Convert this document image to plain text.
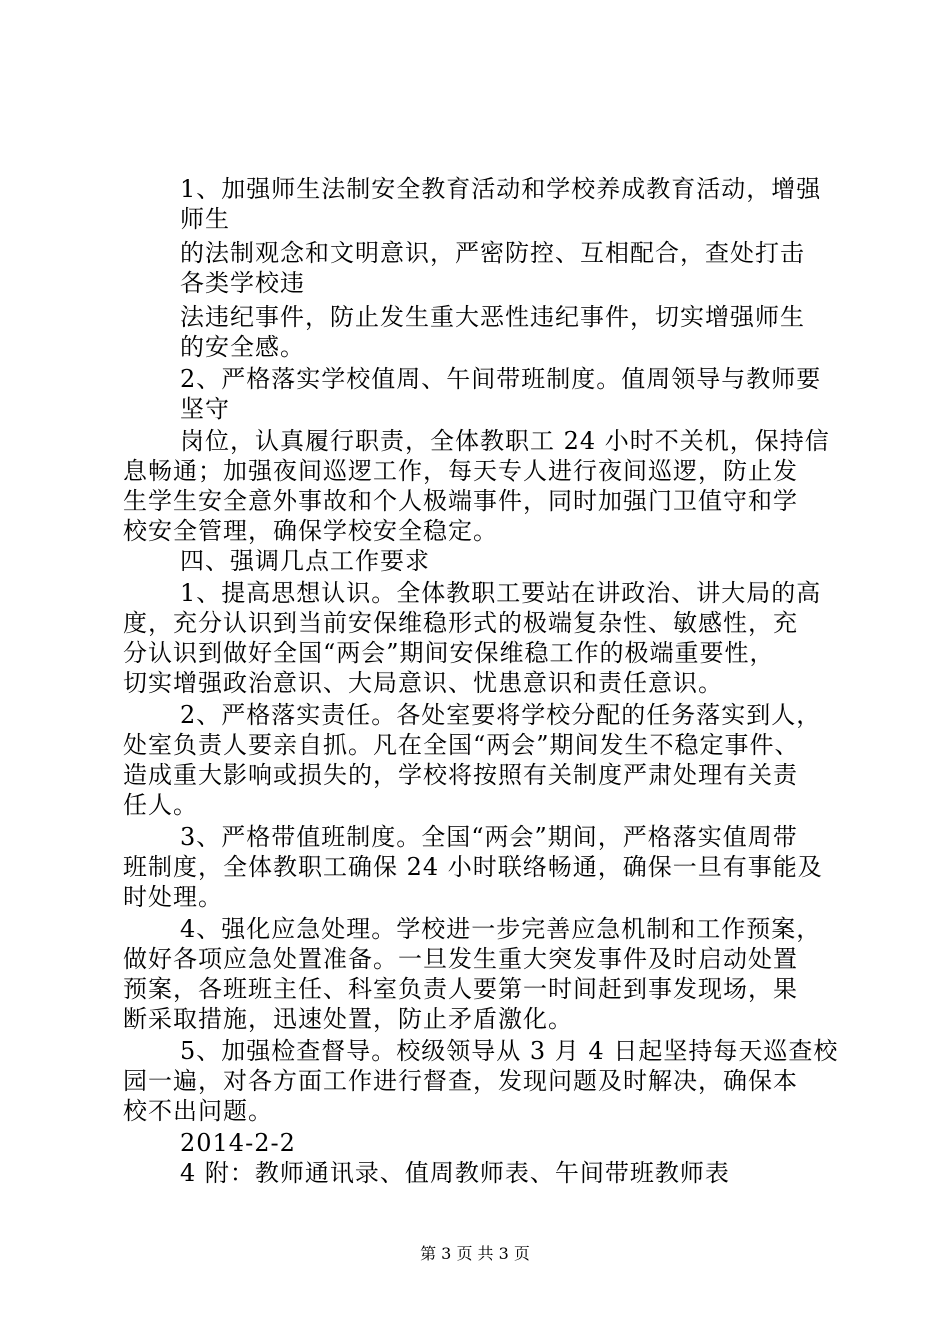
1、加强师生法制安全教育活动和学校养成教育活动，增强
师生
的法制观念和文明意识，严密防控、互相配合，查处打击
各类学校违
法违纪事件，防止发生重大恶性违纪事件，切实增强师生
的安全感。
2、严格落实学校值周、午间带班制度。值周领导与教师要
坚守
岗位，认真履行职责，全体教职工 24 小时不关机，保持信
息畅通；加强夜间巡逻工作，每天专人进行夜间巡逻，防止发
生学生安全意外事故和个人极端事件，同时加强门卫值守和学
校安全管理，确保学校安全稳定。
四、强调几点工作要求
1、提高思想认识。全体教职工要站在讲政治、讲大局的高
度，充分认识到当前安保维稳形式的极端复杂性、敏感性，充
分认识到做好全国“两会”期间安保维稳工作的极端重要性，
切实增强政治意识、大局意识、忧患意识和责任意识。
2、严格落实责任。各处室要将学校分配的任务落实到人，
处室负责人要亲自抓。凡在全国“两会”期间发生不稳定事件、
造成重大影响或损失的，学校将按照有关制度严肃处理有关责
任人。
3、严格带值班制度。全国“两会”期间，严格落实值周带
班制度，全体教职工确保 24 小时联络畅通，确保一旦有事能及
时处理。
4、强化应急处理。学校进一步完善应急机制和工作预案，
做好各项应急处置准备。一旦发生重大突发事件及时启动处置
预案，各班班主任、科室负责人要第一时间赶到事发现场，果
断采取措施，迅速处置，防止矛盾激化。
5、加强检查督导。校级领导从 3 月 4 日起坚持每天巡查校
园一遍，对各方面工作进行督查，发现问题及时解决，确保本
校不出问题。
2014-2-2
4 附：教师通讯录、值周教师表、午间带班教师表
第 3 页 共 3 页
